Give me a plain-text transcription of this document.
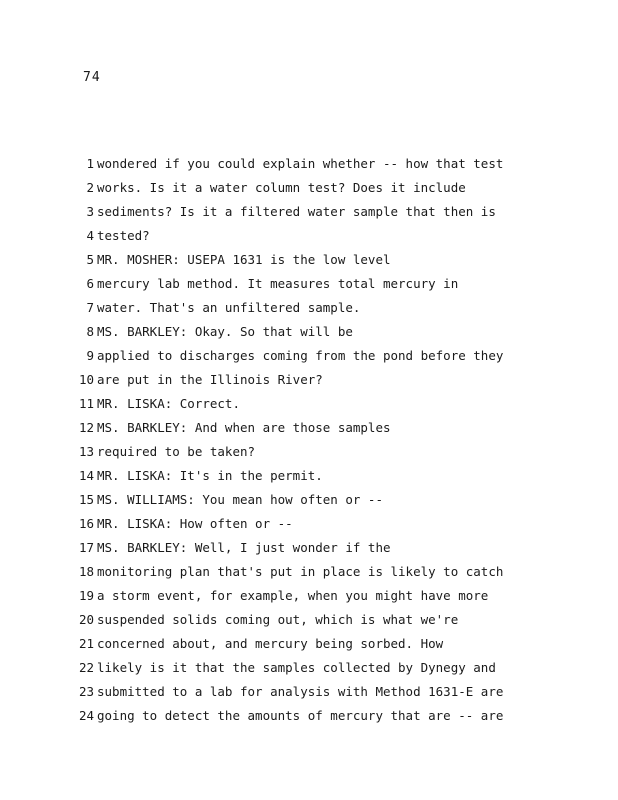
74
1 wondered if you could explain whether -- how that test
2 works. Is it a water column test? Does it include
3 sediments? Is it a filtered water sample that then is
4 tested?
5 MR. MOSHER: USEPA 1631 is the low level
6 mercury lab method. It measures total mercury in
7 water. That's an unfiltered sample.
8 MS. BARKLEY: Okay. So that will be
9 applied to discharges coming from the pond before they
10 are put in the Illinois River?
11 MR. LISKA: Correct.
12 MS. BARKLEY: And when are those samples
13 required to be taken?
14 MR. LISKA: It's in the permit.
15 MS. WILLIAMS: You mean how often or --
16 MR. LISKA: How often or --
17 MS. BARKLEY: Well, I just wonder if the
18 monitoring plan that's put in place is likely to catch
19 a storm event, for example, when you might have more
20 suspended solids coming out, which is what we're
21 concerned about, and mercury being sorbed. How
22 likely is it that the samples collected by Dynegy and
23 submitted to a lab for analysis with Method 1631-E are
24 going to detect the amounts of mercury that are -- are
